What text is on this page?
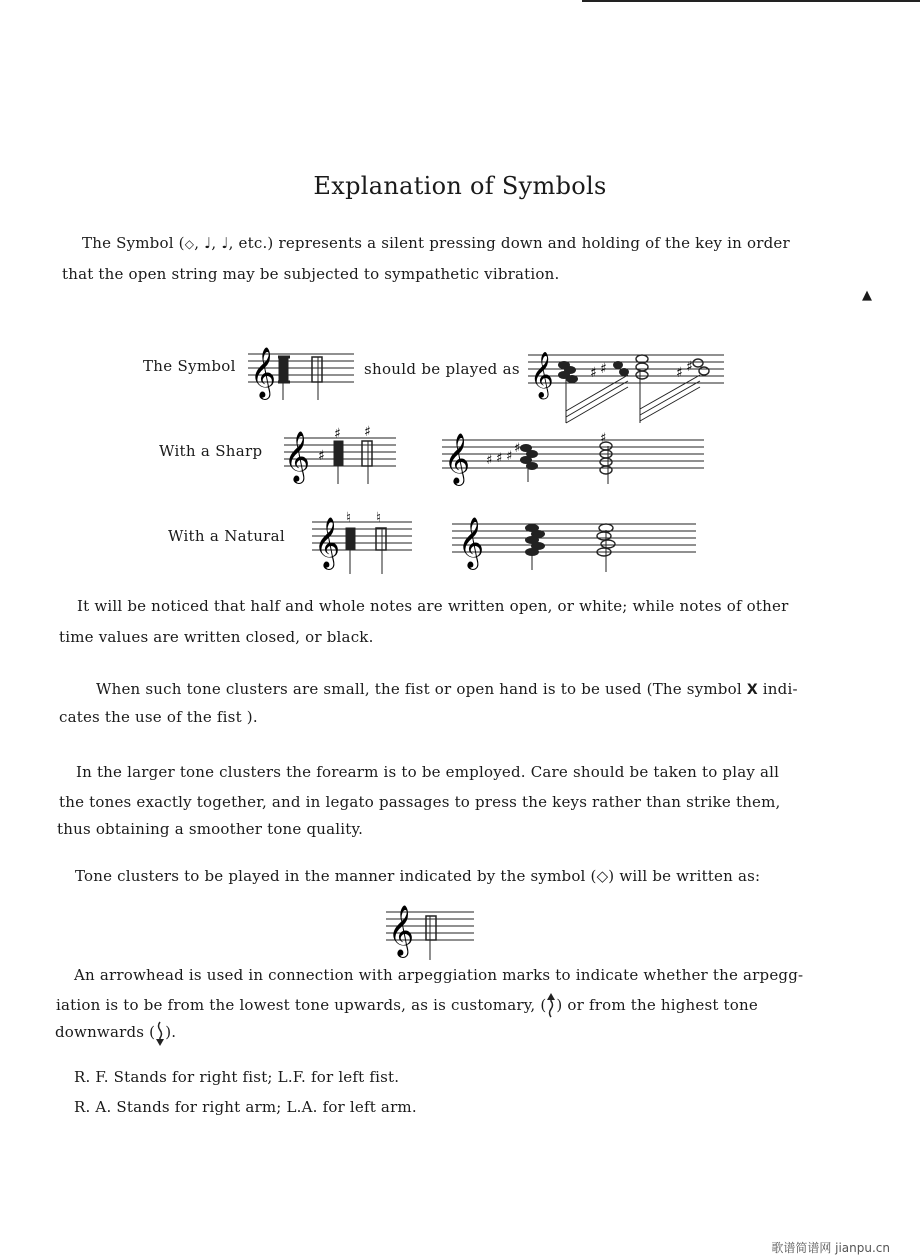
Explanation of Symbols
The Symbol (◇, ♩, ♩, etc.) represents a silent pressing down and holding of the key in order
that the open string may be subjected to sympathetic vibration.
▲
The Symbol 𝄞	should be played as 𝄞	♯ ♯	♯ ♯
With a Sharp 𝄞 ♯
♯ ♯
𝄞 ♯ ♯ ♯
♯
♯
With a Natural 𝄞 ♮ ♮ 𝄞
It will be noticed that half and whole notes are written open, or white; while notes of other
time values are written closed, or black.
When such tone clusters are small, the fist or open hand is to be used (The symbol X indi-
cates the use of the fist ).
In the larger tone clusters the forearm is to be employed. Care should be taken to play all
the tones exactly together, and in legato passages to press the keys rather than strike them,
thus obtaining a smoother tone quality.
Tone clusters to be played in the manner indicated by the symbol (◇) will be written as:
𝄞
An arrowhead is used in connection with arpeggiation marks to indicate whether the arpegg-
iation is to be from the lowest tone upwards, as is customary, ( ) or from the highest tone
downwards ( ).
R. F. Stands for right fist; L.F. for left fist.
R. A. Stands for right arm; L.A. for left arm.
歌谱简谱网 jianpu.cn
